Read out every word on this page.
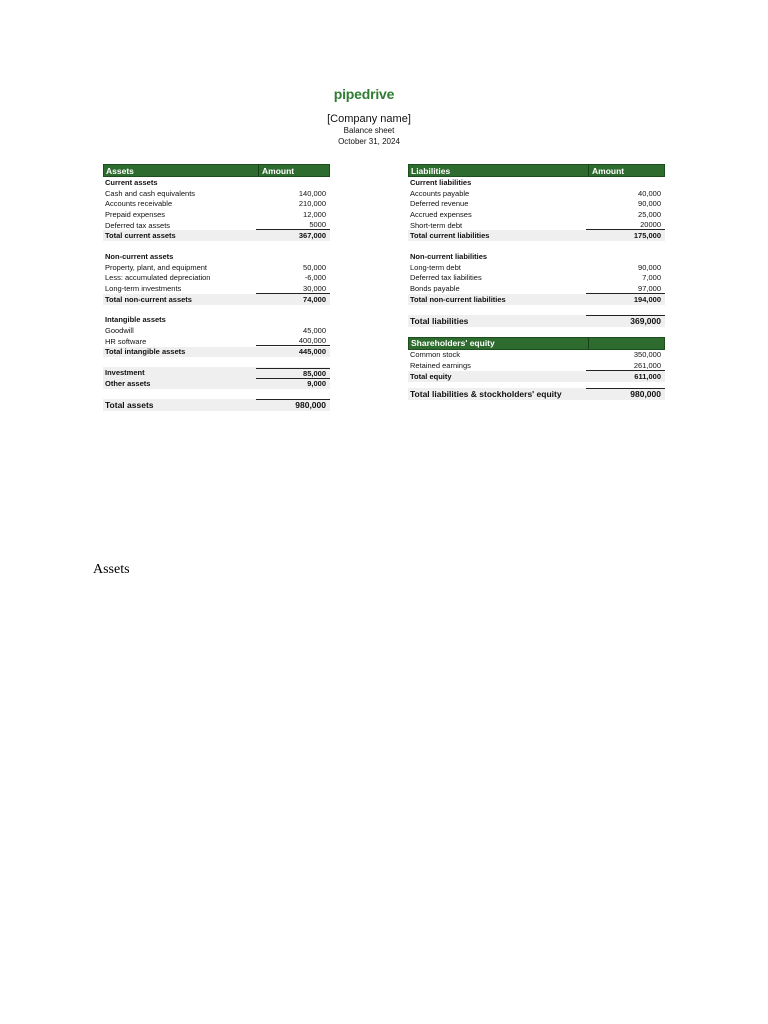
pipedrive
[Company name]
Balance sheet
October 31, 2024
Assets	Amount
Current assets
Cash and cash equivalents	140,000
Accounts receivable	210,000
Prepaid expenses	12,000
Deferred tax assets	5000
Total current assets	367,000
Non-current assets
Property, plant, and equipment	50,000
Less: accumulated depreciation	-6,000
Long-term investments	30,000
Total non-current assets	74,000
Intangible assets
Goodwill	45,000
HR software	400,000
Total intangible assets	445,000
Investment	85,000
Other assets	9,000
Total assets	980,000
Liabilities	Amount
Current liabilities
Accounts payable	40,000
Deferred revenue	90,000
Accrued expenses	25,000
Short-term debt	20000
Total current liabilities	175,000
Non-current liabilities
Long-term debt	90,000
Deferred tax liabilities	7,000
Bonds payable	97,000
Total non-current liabilities	194,000
Total liabilities	369,000
Shareholders' equity
Common stock	350,000
Retained earnings	261,000
Total equity	611,000
Total liabilities & stockholders' equity	980,000
Assets
